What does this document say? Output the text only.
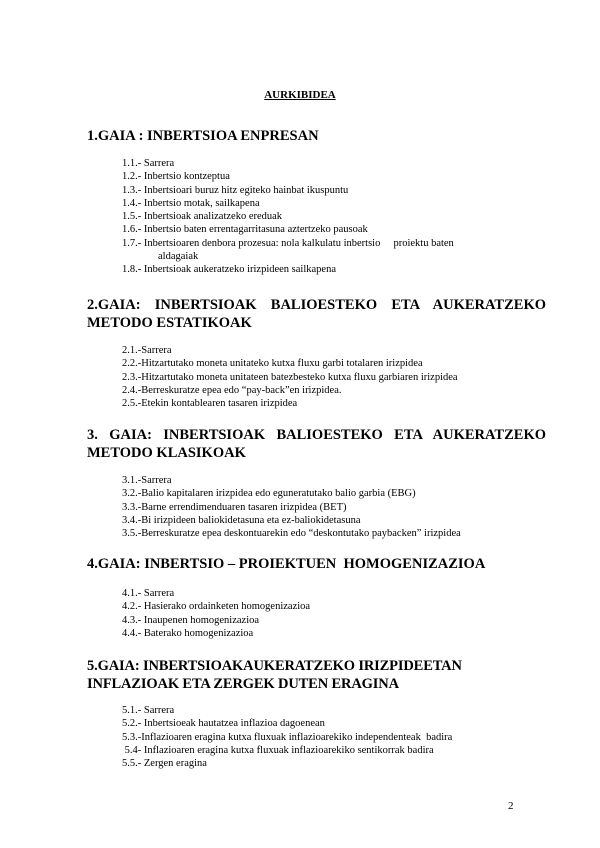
AURKIBIDEA
1.GAIA : INBERTSIOA ENPRESAN
1.1.- Sarrera
1.2.- Inbertsio kontzeptua
1.3.- Inbertsioari buruz hitz egiteko hainbat ikuspuntu
1.4.- Inbertsio motak, sailkapena
1.5.- Inbertsioak analizatzeko ereduak
1.6.- Inbertsio baten errentagarritasuna aztertzeko pausoak
1.7.- Inbertsioaren denbora prozesua: nola kalkulatu inbertsio     proiektu baten
aldagaiak
1.8.- Inbertsioak aukeratzeko irizpideen sailkapena
2.GAIA: INBERTSIOAK BALIOESTEKO ETA AUKERATZEKO METODO ESTATIKOAK
2.1.-Sarrera
2.2.-Hitzartutako moneta unitateko kutxa fluxu garbi totalaren irizpidea
2.3.-Hitzartutako moneta unitateen batezbesteko kutxa fluxu garbiaren irizpidea
2.4.-Berreskuratze epea edo “pay-back”en irizpidea.
2.5.-Etekin kontablearen tasaren irizpidea
3. GAIA: INBERTSIOAK BALIOESTEKO ETA AUKERATZEKO METODO KLASIKOAK
3.1.-Sarrera
3.2.-Balio kapitalaren irizpidea edo eguneratutako balio garbia (EBG)
3.3.-Barne errendimenduaren tasaren irizpidea (BET)
3.4.-Bi irizpideen baliokidetasuna eta ez-baliokidetasuna
3.5.-Berreskuratze epea deskontuarekin edo “deskontutako paybacken” irizpidea
4.GAIA: INBERTSIO – PROIEKTUEN  HOMOGENIZAZIOA
4.1.- Sarrera
4.2.- Hasierako ordainketen homogenizazioa
4.3.- Inaupenen homogenizazioa
4.4.- Baterako homogenizazioa
5.GAIA: INBERTSIOAKAUKERATZEKO IRIZPIDEETAN INFLAZIOAK ETA ZERGEK DUTEN ERAGINA
5.1.- Sarrera
5.2.- Inbertsioeak hautatzea inflazioa dagoenean
5.3.-Inflazioaren eragina kutxa fluxuak inflazioarekiko independenteak  badira
5.4- Inflazioaren eragina kutxa fluxuak inflazioarekiko sentikorrak badira
5.5.- Zergen eragina
2
